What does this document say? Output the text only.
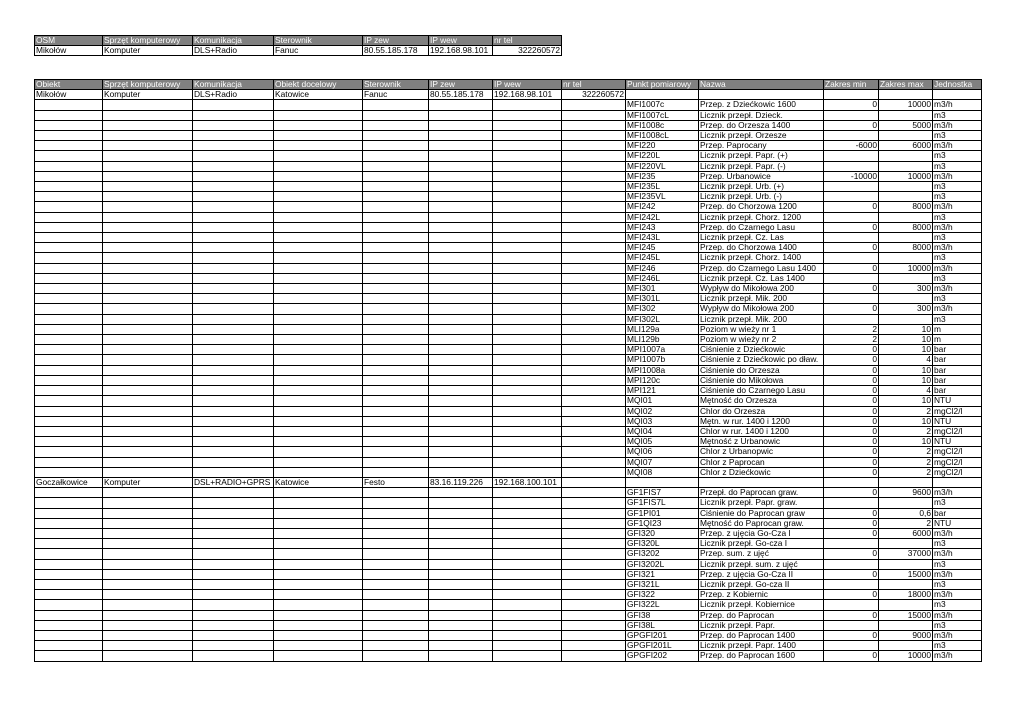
OSM	Sprzęt komputerowy	Komunikacja	Sterownik	IP zew	IP wew	nr tel
Mikołów	Komputer	DLS+Radio	Fanuc	80.55.185.178	192.168.98.101	322260572
Obiekt	Sprzęt komputerowy	Komunikacja	Obiekt docelowy	Sterownik	IP zew	IP wew	nr tel	Punkt pomiarowy	Nazwa	Zakres min	Zakres max	Jednostka
Mikołów	Komputer	DLS+Radio	Katowice	Fanuc	80.55.185.178	192.168.98.101	322260572					
								MFI1007c	Przep. z Dziećkowic 1600	0	10000	m3/h
								MFI1007cL	Licznik przepł. Dzieck.			m3
								MFI1008c	Przep. do Orzesza 1400	0	5000	m3/h
								MFI1008cL	Licznik przepł. Orzesze			m3
								MFI220	Przep. Paprocany	-6000	6000	m3/h
								MFI220L	Licznik przepł. Papr. (+)			m3
								MFI220VL	Licznik przepł. Papr. (-)			m3
								MFI235	Przep. Urbanowice	-10000	10000	m3/h
								MFI235L	Licznik przepł. Urb. (+)			m3
								MFI235VL	Licznik przepł. Urb. (-)			m3
								MFI242	Przep. do Chorzowa 1200	0	8000	m3/h
								MFI242L	Licznik przepł. Chorz. 1200			m3
								MFI243	Przep. do Czarnego Lasu	0	8000	m3/h
								MFI243L	Licznik przepł. Cz. Las			m3
								MFI245	Przep. do Chorzowa 1400	0	8000	m3/h
								MFI245L	Licznik przepł. Chorz. 1400			m3
								MFI246	Przep. do Czarnego Lasu 1400	0	10000	m3/h
								MFI246L	Licznik przepł. Cz. Las 1400			m3
								MFI301	Wypływ do Mikołowa 200	0	300	m3/h
								MFI301L	Licznik przepł. Mik. 200			m3
								MFI302	Wypływ do Mikołowa 200	0	300	m3/h
								MFI302L	Licznik przepł. Mik. 200			m3
								MLI129a	Poziom w wieży nr 1	2	10	m
								MLI129b	Poziom w wieży nr 2	2	10	m
								MPI1007a	Ciśnienie z Dziećkowic	0	10	bar
								MPI1007b	Ciśnienie z Dziećkowic po dław.	0	4	bar
								MPI1008a	Ciśnienie do Orzesza	0	10	bar
								MPI120c	Ciśnienie do Mikołowa	0	10	bar
								MPI121	Ciśnienie do Czarnego Lasu	0	4	bar
								MQI01	Mętność do Orzesza	0	10	NTU
								MQI02	Chlor do Orzesza	0	2	mgCl2/l
								MQI03	Mętn. w rur. 1400 i 1200	0	10	NTU
								MQI04	Chlor w rur. 1400 i 1200	0	2	mgCl2/l
								MQI05	Mętność z Urbanowic	0	10	NTU
								MQI06	Chlor z Urbanopwic	0	2	mgCl2/l
								MQI07	Chlor z Paprocan	0	2	mgCl2/l
								MQI08	Chlor z Dziećkowic	0	2	mgCl2/l
Goczałkowice	Komputer	DSL+RADIO+GPRS	Katowice	Festo	83.16.119.226	192.168.100.101						
								GF1FIS7	Przepł. do Paprocan graw.	0	9600	m3/h
								GF1FIS7L	Licznik przepł. Papr. graw.			m3
								GF1PI01	Ciśnienie do Paprocan graw	0	0,6	bar
								GF1QI23	Mętność do Paprocan graw.	0	2	NTU
								GFI320	Przep. z ujęcia Go-Cza I	0	6000	m3/h
								GFI320L	Licznik przepł. Go-cza I			m3
								GFI3202	Przep. sum. z ujęć	0	37000	m3/h
								GFI3202L	Licznik przepł. sum. z ujęć			m3
								GFI321	Przep. z ujęcia Go-Cza II	0	15000	m3/h
								GFI321L	Licznik przepł. Go-cza II			m3
								GFI322	Przep. z Kobiernic	0	18000	m3/h
								GFI322L	Licznik przepł. Kobiernice			m3
								GFI38	Przep. do Paprocan	0	15000	m3/h
								GFI38L	Licznik przepł. Papr.			m3
								GPGFI201	Przep. do Paprocan 1400	0	9000	m3/h
								GPGFI201L	Licznik przepł. Papr. 1400			m3
								GPGFI202	Przep. do Paprocan 1600	0	10000	m3/h
